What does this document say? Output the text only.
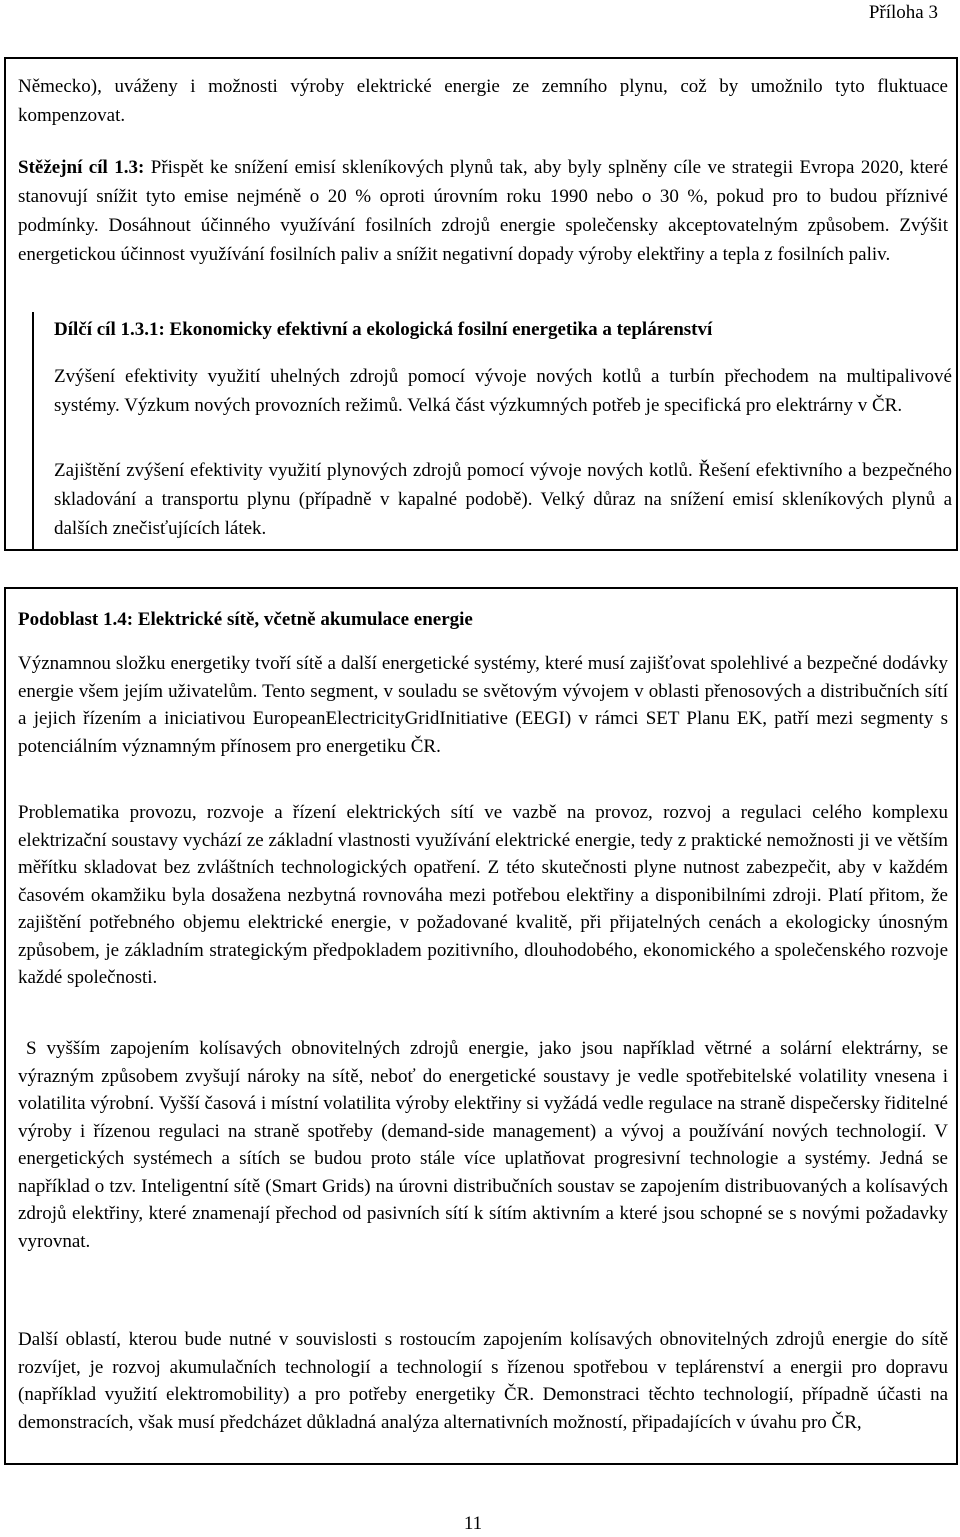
Příloha 3
Německo), uváženy i možnosti výroby elektrické energie ze zemního plynu, což by umožnilo tyto fluktuace kompenzovat.
Stěžejní cíl 1.3: Přispět ke snížení emisí skleníkových plynů tak, aby byly splněny cíle ve strategii Evropa 2020, které stanovují snížit tyto emise nejméně o 20 % oproti úrovním roku 1990 nebo o 30 %, pokud pro to budou příznivé podmínky. Dosáhnout účinného využívání fosilních zdrojů energie společensky akceptovatelným způsobem. Zvýšit energetickou účinnost využívání fosilních paliv a snížit negativní dopady výroby elektřiny a tepla z fosilních paliv.
Dílčí cíl 1.3.1: Ekonomicky efektivní a ekologická fosilní energetika a teplárenství
Zvýšení efektivity využití uhelných zdrojů pomocí vývoje nových kotlů a turbín přechodem na multipalivové systémy. Výzkum nových provozních režimů. Velká část výzkumných potřeb je specifická pro elektrárny v ČR.
Zajištění zvýšení efektivity využití plynových zdrojů pomocí vývoje nových kotlů. Řešení efektivního a bezpečného skladování a transportu plynu (případně v kapalné podobě). Velký důraz na snížení emisí skleníkových plynů a dalších znečisťujících látek.
Podoblast 1.4: Elektrické sítě, včetně akumulace energie
Významnou složku energetiky tvoří sítě a další energetické systémy, které musí zajišťovat spolehlivé a bezpečné dodávky energie všem jejím uživatelům. Tento segment, v souladu se světovým vývojem v oblasti přenosových a distribučních sítí a jejich řízením a iniciativou EuropeanElectricityGridInitiative (EEGI) v rámci SET Planu EK, patří mezi segmenty s potenciálním významným přínosem pro energetiku ČR.
Problematika provozu, rozvoje a řízení elektrických sítí ve vazbě na provoz, rozvoj a regulaci celého komplexu elektrizační soustavy vychází ze základní vlastnosti využívání elektrické energie, tedy z praktické nemožnosti ji ve větším měřítku skladovat bez zvláštních technologických opatření. Z této skutečnosti plyne nutnost zabezpečit, aby v každém časovém okamžiku byla dosažena nezbytná rovnováha mezi potřebou elektřiny a disponibilními zdroji. Platí přitom, že zajištění potřebného objemu elektrické energie, v požadované kvalitě, při přijatelných cenách a ekologicky únosným způsobem, je základním strategickým předpokladem pozitivního, dlouhodobého, ekonomického a společenského rozvoje každé společnosti.
S vyšším zapojením kolísavých obnovitelných zdrojů energie, jako jsou například větrné a solární elektrárny, se výrazným způsobem zvyšují nároky na sítě, neboť do energetické soustavy je vedle spotřebitelské volatility vnesena i volatilita výrobní. Vyšší časová i místní volatilita výroby elektřiny si vyžádá vedle regulace na straně dispečersky řiditelné výroby i řízenou regulaci na straně spotřeby (demand-side management) a vývoj a používání nových technologií. V energetických systémech a sítích se budou proto stále více uplatňovat progresivní technologie a systémy. Jedná se například o tzv. Inteligentní sítě (Smart Grids) na úrovni distribučních soustav se zapojením distribuovaných a kolísavých zdrojů elektřiny, které znamenají přechod od pasivních sítí k sítím aktivním a které jsou schopné se s novými požadavky vyrovnat.
Další oblastí, kterou bude nutné v souvislosti s rostoucím zapojením kolísavých obnovitelných zdrojů energie do sítě rozvíjet, je rozvoj akumulačních technologií a technologií s řízenou spotřebou v teplárenství a energii pro dopravu (například využití elektromobility) a pro potřeby energetiky ČR. Demonstraci těchto technologií, případně účasti na demonstracích, však musí předcházet důkladná analýza alternativních možností, připadajících v úvahu pro ČR,
11
